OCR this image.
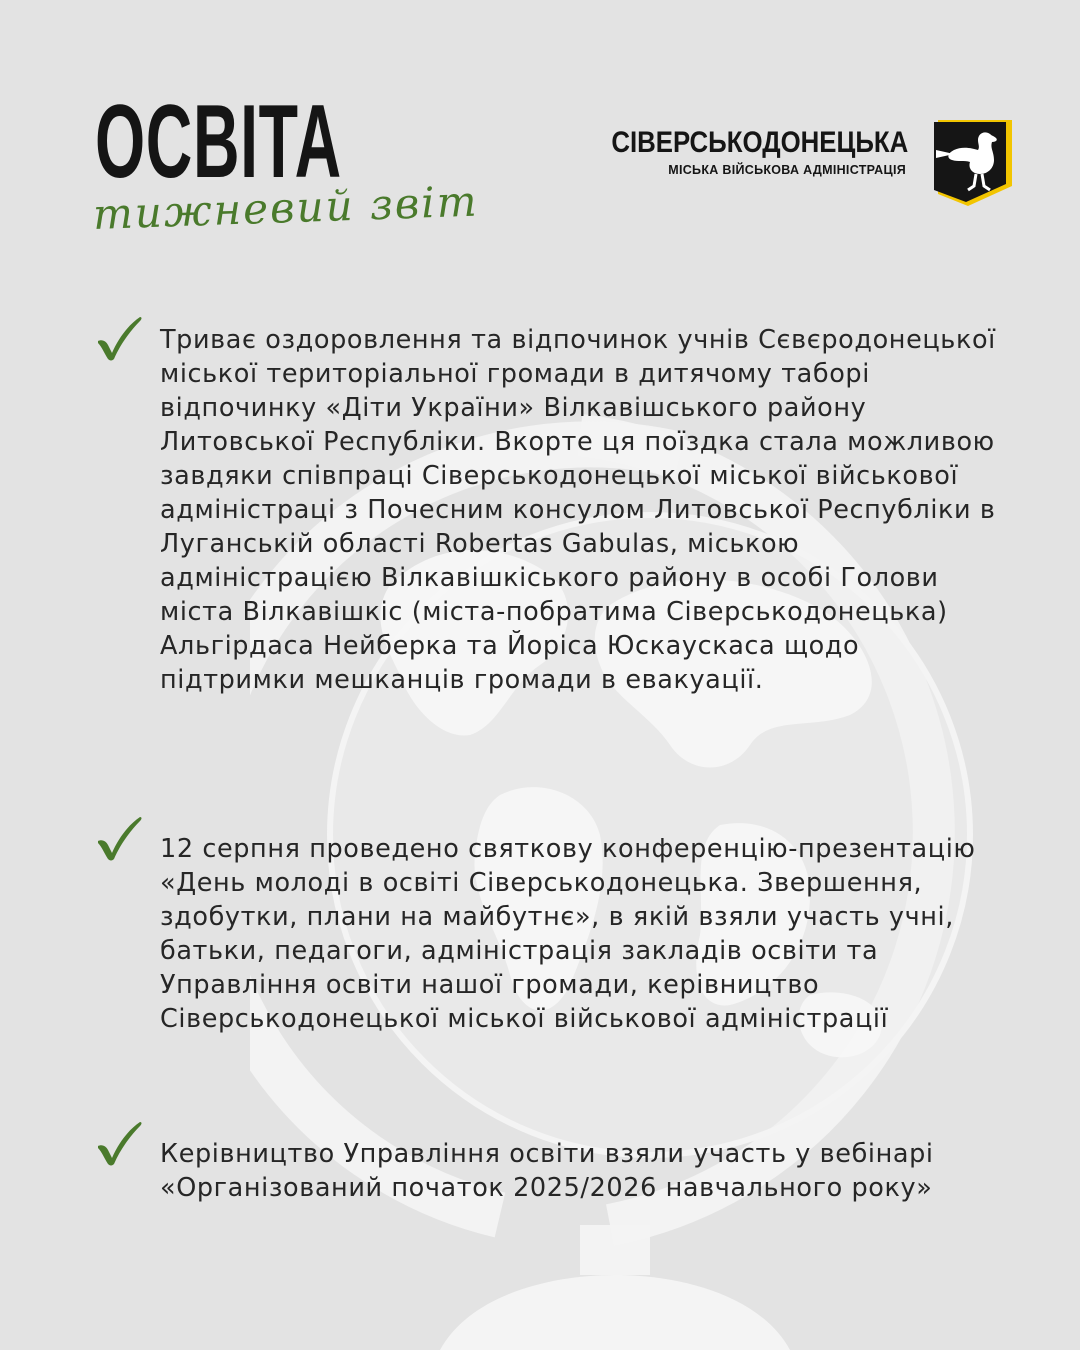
ОСВІТА
тижневий звіт
СІВЕРСЬКОДОНЕЦЬКА
МІСЬКА ВІЙСЬКОВА АДМІНІСТРАЦІЯ

Триває оздоровлення та відпочинок учнів Сєвєродонецької міської територіальної громади в дитячому таборі відпочинку «Діти України» Вілкавішського району Литовської Республіки. Вкорте ця поїздка стала можливою завдяки співпраці Сіверськодонецької міської військової адміністраці з Почесним консулом Литовської Республіки в Луганській області Robertas Gabulas, міською адміністрацією Вілкавішкіського району в особі Голови міста Вілкавішкіс (міста-побратима Сіверськодонецька) Альгірдаса Нейберка та Йоріса Юскаускаса щодо підтримки мешканців громади в евакуації.

12 серпня проведено святкову конференцію-презентацію «День молоді в освіті Сіверськодонецька. Звершення, здобутки, плани на майбутнє», в якій взяли участь учні, батьки, педагоги, адміністрація закладів освіти та Управління освіти нашої громади, керівництво Сіверськодонецької міської військової адміністрації

Керівництво Управління освіти взяли участь у вебінарі «Організований початок 2025/2026 навчального року»
